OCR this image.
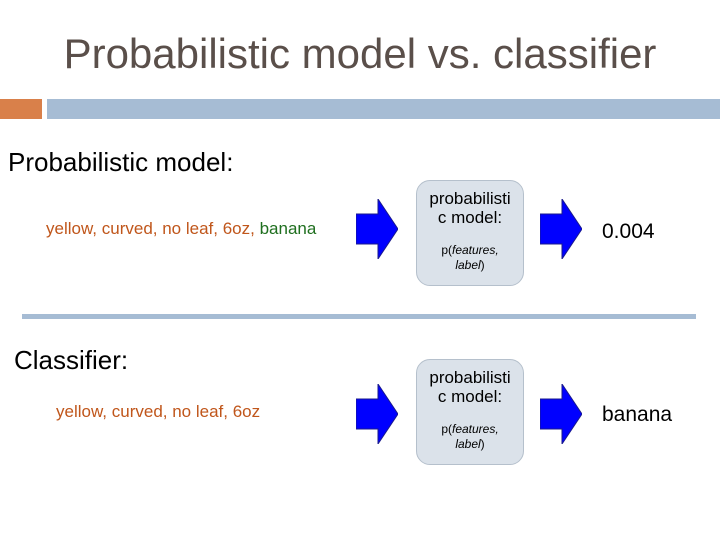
Probabilistic model vs. classifier
Probabilistic model:
yellow, curved, no leaf, 6oz, banana
probabilisti
c model:
p(features,
label)
0.004
Classifier:
yellow, curved, no leaf, 6oz
probabilisti
c model:
p(features,
label)
banana
